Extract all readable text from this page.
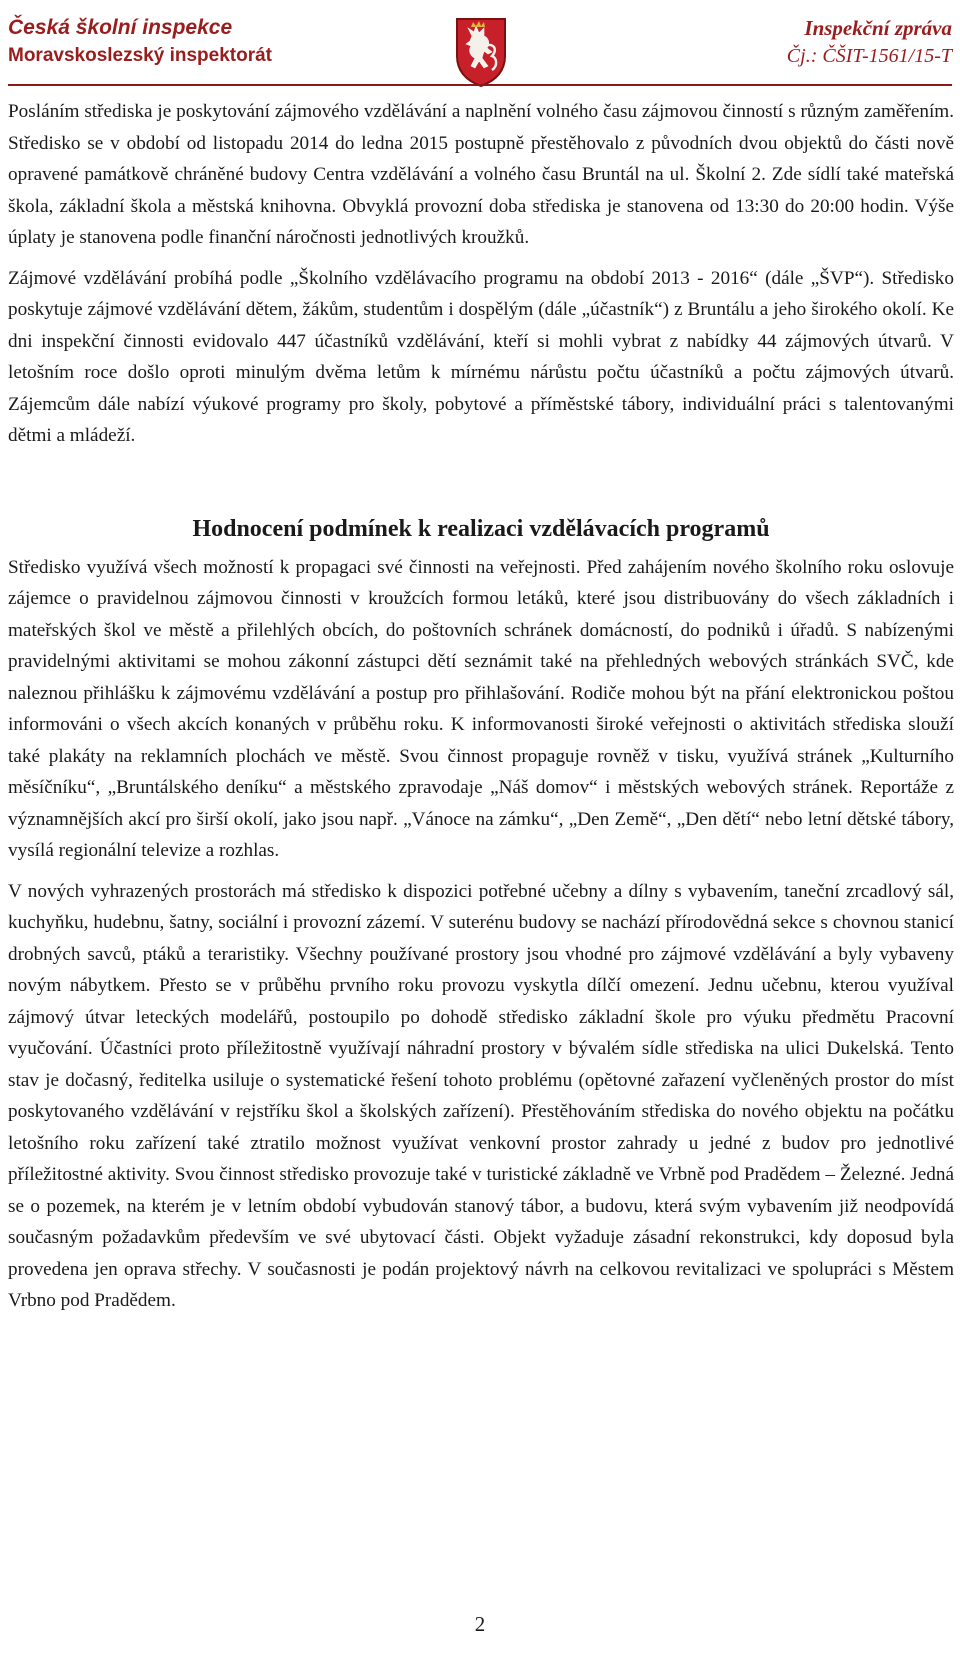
Česká školní inspekce
Moravskoslezský inspektorát
Inspekční zpráva
Čj.: ČŠIT-1561/15-T

Posláním střediska je poskytování zájmového vzdělávání a naplnění volného času zájmovou činností s různým zaměřením. Středisko se v období od listopadu 2014 do ledna 2015 postupně přestěhovalo z původních dvou objektů do části nově opravené památkově chráněné budovy Centra vzdělávání a volného času Bruntál na ul. Školní 2. Zde sídlí také mateřská škola, základní škola a městská knihovna. Obvyklá provozní doba střediska je stanovena od 13:30 do 20:00 hodin. Výše úplaty je stanovena podle finanční náročnosti jednotlivých kroužků.

Zájmové vzdělávání probíhá podle „Školního vzdělávacího programu na období 2013 - 2016“ (dále „ŠVP“). Středisko poskytuje zájmové vzdělávání dětem, žákům, studentům i dospělým (dále „účastník“) z Bruntálu a jeho širokého okolí. Ke dni inspekční činnosti evidovalo 447 účastníků vzdělávání, kteří si mohli vybrat z nabídky 44 zájmových útvarů. V letošním roce došlo oproti minulým dvěma letům k mírnému nárůstu počtu účastníků a počtu zájmových útvarů. Zájemcům dále nabízí výukové programy pro školy, pobytové a příměstské tábory, individuální práci s talentovanými dětmi a mládeží.

Hodnocení podmínek k realizaci vzdělávacích programů

Středisko využívá všech možností k propagaci své činnosti na veřejnosti. Před zahájením nového školního roku oslovuje zájemce o pravidelnou zájmovou činnosti v kroužcích formou letáků, které jsou distribuovány do všech základních i mateřských škol ve městě a přilehlých obcích, do poštovních schránek domácností, do podniků i úřadů. S nabízenými pravidelnými aktivitami se mohou zákonní zástupci dětí seznámit také na přehledných webových stránkách SVČ, kde naleznou přihlášku k zájmovému vzdělávání a postup pro přihlašování. Rodiče mohou být na přání elektronickou poštou informováni o všech akcích konaných v průběhu roku. K informovanosti široké veřejnosti o aktivitách střediska slouží také plakáty na reklamních plochách ve městě. Svou činnost propaguje rovněž v tisku, využívá stránek „Kulturního měsíčníku“, „Bruntálského deníku“ a městského zpravodaje „Náš domov“ i městských webových stránek. Reportáže z významnějších akcí pro širší okolí, jako jsou např. „Vánoce na zámku“, „Den Země“, „Den dětí“ nebo letní dětské tábory, vysílá regionální televize a rozhlas.

V nových vyhrazených prostorách má středisko k dispozici potřebné učebny a dílny s vybavením, taneční zrcadlový sál, kuchyňku, hudebnu, šatny, sociální i provozní zázemí. V suterénu budovy se nachází přírodovědná sekce s chovnou stanicí drobných savců, ptáků a teraristiky. Všechny používané prostory jsou vhodné pro zájmové vzdělávání a byly vybaveny novým nábytkem. Přesto se v průběhu prvního roku provozu vyskytla dílčí omezení. Jednu učebnu, kterou využíval zájmový útvar leteckých modelářů, postoupilo po dohodě středisko základní škole pro výuku předmětu Pracovní vyučování. Účastníci proto příležitostně využívají náhradní prostory v bývalém sídle střediska na ulici Dukelská. Tento stav je dočasný, ředitelka usiluje o systematické řešení tohoto problému (opětovné zařazení vyčleněných prostor do míst poskytovaného vzdělávání v rejstříku škol a školských zařízení). Přestěhováním střediska do nového objektu na počátku letošního roku zařízení také ztratilo možnost využívat venkovní prostor zahrady u jedné z budov pro jednotlivé příležitostné aktivity. Svou činnost středisko provozuje také v turistické základně ve Vrbně pod Pradědem – Železné. Jedná se o pozemek, na kterém je v letním období vybudován stanový tábor, a budovu, která svým vybavením již neodpovídá současným požadavkům především ve své ubytovací části. Objekt vyžaduje zásadní rekonstrukci, kdy doposud byla provedena jen oprava střechy. V současnosti je podán projektový návrh na celkovou revitalizaci ve spolupráci s Městem Vrbno pod Pradědem.

2
